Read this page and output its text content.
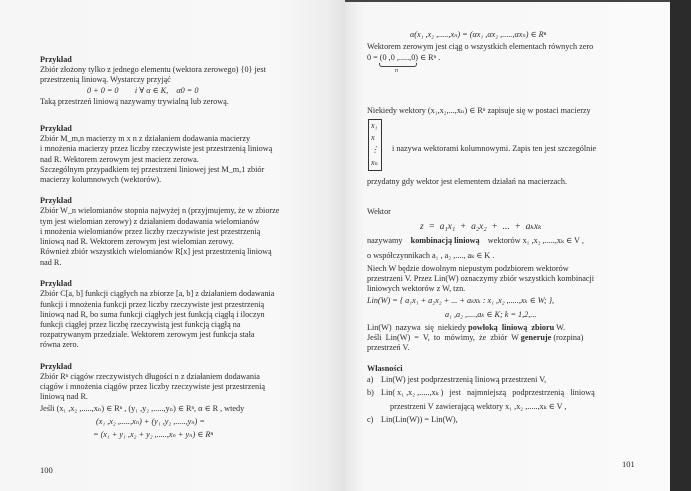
Przykład
Zbiór złożony tylko z jednego elementu (wektora zerowego) {0} jest
przestrzenią liniową. Wystarczy przyjąć
0 + 0 = 0        i ∀ α ∈ K,    α0 = 0
Taką przestrzeń liniową nazywamy trywialną lub zerową.
Przykład
Zbiór M_m,n macierzy m x n z działaniem dodawania macierzy
i mnożenia macierzy przez liczby rzeczywiste jest przestrzenią liniową
nad R. Wektorem zerowym jest macierz zerowa.
Szczególnym przypadkiem tej przestrzeni liniowej jest M_m,1 zbiór
macierzy kolumnowych (wektorów).
Przykład
Zbiór W_n wielomianów stopnia najwyżej n (przyjmujemy, że w zbiorze
tym jest wielomian zerowy) z działaniem dodawania wielomianów
i mnożenia wielomianów przez liczby rzeczywiste jest przestrzenią
liniową nad R. Wektorem zerowym jest wielomian zerowy.
Również zbiór wszystkich wielomianów R[x] jest przestrzenią liniową
nad R.
Przykład
Zbiór C[a, b] funkcji ciągłych na zbiorze [a, b] z działaniem dodawania
funkcji i mnożenia funkcji przez liczby rzeczywiste jest przestrzenią
liniową nad R, bo suma funkcji ciągłych jest funkcją ciągłą i iloczyn
funkcji ciągłej przez liczbę rzeczywistą jest funkcją ciągłą na
rozpatrywanym przedziale. Wektorem zerowym jest funkcja stała
równa zero.
Przykład
Zbiór Rⁿ ciągów rzeczywistych długości n z działaniem dodawania
ciągów i mnożenia ciągów przez liczby rzeczywiste jest przestrzenią
liniową nad R.
Jeśli (x₁ ,x₂ ,.....,xₙ) ∈ Rⁿ , (y₁ ,y₂ ,.....,yₙ) ∈ Rⁿ, α ∈ R , wtedy
(x₁ ,x₂ ,.....,xₙ) + (y₁ ,y₂ ,.....,yₙ) =
= (x₁ + y₁ ,x₂ + y₂ ,.....,xₙ + yₙ) ∈ Rⁿ
100
α(x₁ ,x₂ ,.....,xₙ) = (αx₁ ,αx₂ ,.....,αxₙ) ∈ Rⁿ
Wektorem zerowym jest ciąg o wszystkich elementach równych zero
0 = (0 ,0 ,.....,0) ∈ Rⁿ .
n
Niekiedy wektory (x₁,x₂,...,xₙ) ∈ Rⁿ zapisuje się w postaci macierzy
x₁
x
⋮
xₙ
i nazywa wektorami kolumnowymi. Zapis ten jest szczególnie
przydatny gdy wektor jest elementem działań na macierzach.
Wektor
z  =  a₁x₁  +  a₂x₂  +  ...  +  aₖxₖ
nazywamy kombinacją liniową wektorów x₁ ,x₂ ,.....,xₖ ∈ V ,
o współczynnikach a₁ , a₂ ,...., aₖ ∈ K .
Niech W będzie dowolnym niepustym podzbiorem wektorów
przestrzeni V. Przez Lin(W) oznaczymy zbiór wszystkich kombinacji
liniowych wektorów z W, tzn.
Lin(W) = { a₁x₁ + a₂x₂ + ... + aₖxₖ : x₁ ,x₂ ,.....,xₖ ∈ W; },
a₁ ,a₂ ,....,aₖ ∈ K; k = 1,2,...
Lin(W)  nazywa  się  niekiedy powłoką  liniową  zbioru W.
Jeśli  Lin(W)  =  V,  to  mówimy,  że  zbiór  W generuje (rozpina)
przestrzeń V.
Własności
a) Lin(W) jest podprzestrzenią liniową przestrzeni V,
b) Lin( x₁ ,x₂ ,.....,xₖ )   jest   najmniejszą   podprzestrzenią   liniową
przestrzeni V zawierającą wektory x₁ ,x₂ ,.....,xₖ ∈ V ,
c) Lin(Lin(W)) = Lin(W),
101
